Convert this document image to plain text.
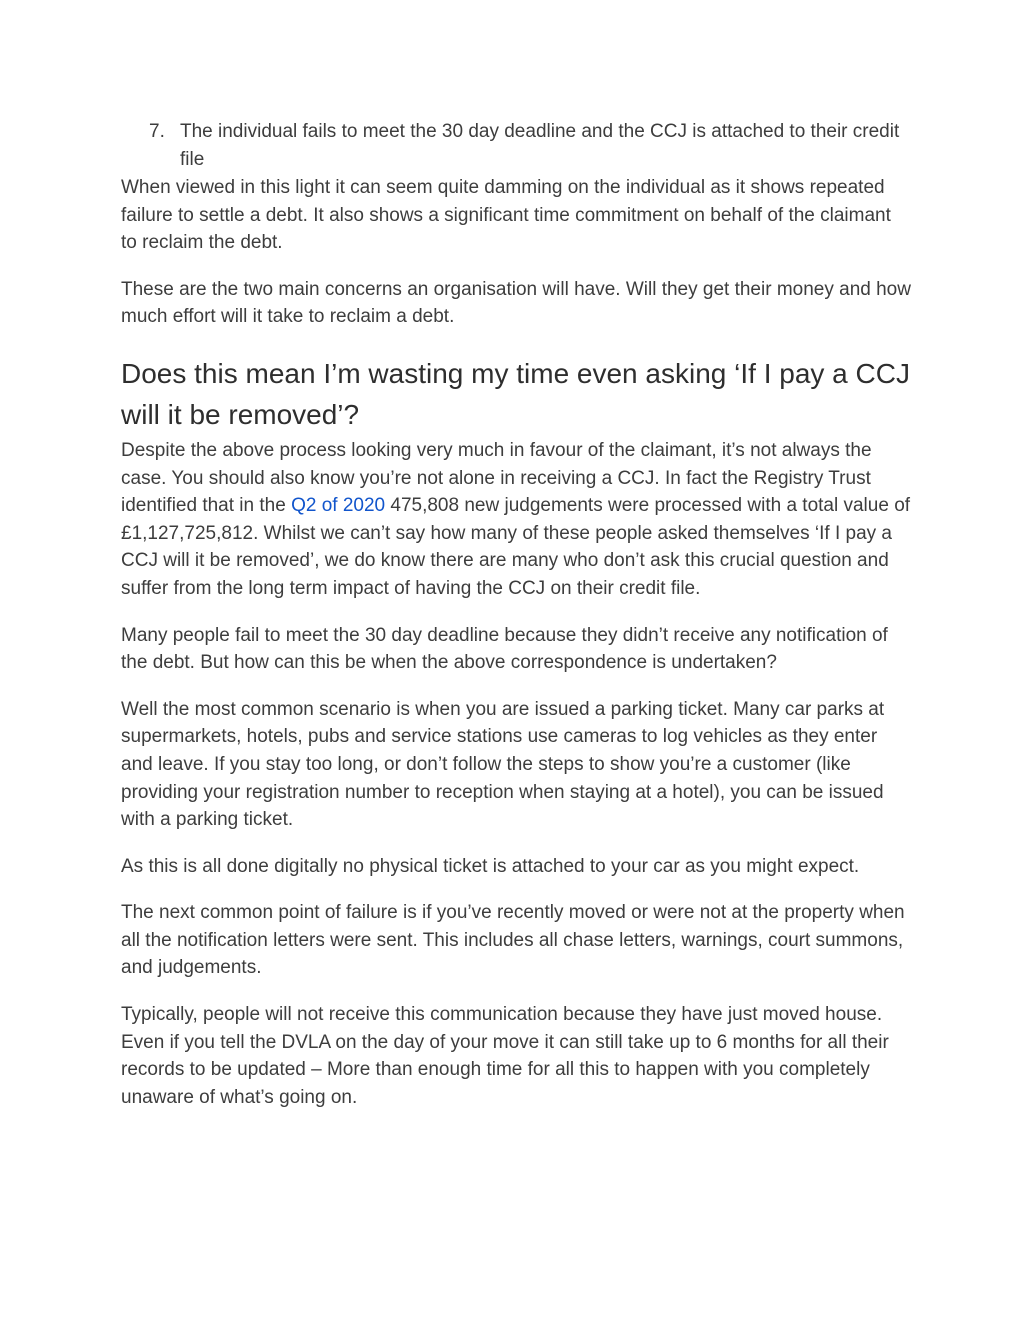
7. The individual fails to meet the 30 day deadline and the CCJ is attached to their credit file

When viewed in this light it can seem quite damming on the individual as it shows repeated failure to settle a debt. It also shows a significant time commitment on behalf of the claimant to reclaim the debt.

These are the two main concerns an organisation will have. Will they get their money and how much effort will it take to reclaim a debt.

Does this mean I’m wasting my time even asking ‘If I pay a CCJ will it be removed’?

Despite the above process looking very much in favour of the claimant, it’s not always the case. You should also know you’re not alone in receiving a CCJ. In fact the Registry Trust identified that in the Q2 of 2020 475,808 new judgements were processed with a total value of £1,127,725,812. Whilst we can’t say how many of these people asked themselves ‘If I pay a CCJ will it be removed’, we do know there are many who don’t ask this crucial question and suffer from the long term impact of having the CCJ on their credit file.

Many people fail to meet the 30 day deadline because they didn’t receive any notification of the debt. But how can this be when the above correspondence is undertaken?

Well the most common scenario is when you are issued a parking ticket. Many car parks at supermarkets, hotels, pubs and service stations use cameras to log vehicles as they enter and leave. If you stay too long, or don’t follow the steps to show you’re a customer (like providing your registration number to reception when staying at a hotel), you can be issued with a parking ticket.

As this is all done digitally no physical ticket is attached to your car as you might expect.

The next common point of failure is if you’ve recently moved or were not at the property when all the notification letters were sent. This includes all chase letters, warnings, court summons, and judgements.

Typically, people will not receive this communication because they have just moved house. Even if you tell the DVLA on the day of your move it can still take up to 6 months for all their records to be updated – More than enough time for all this to happen with you completely unaware of what’s going on.
